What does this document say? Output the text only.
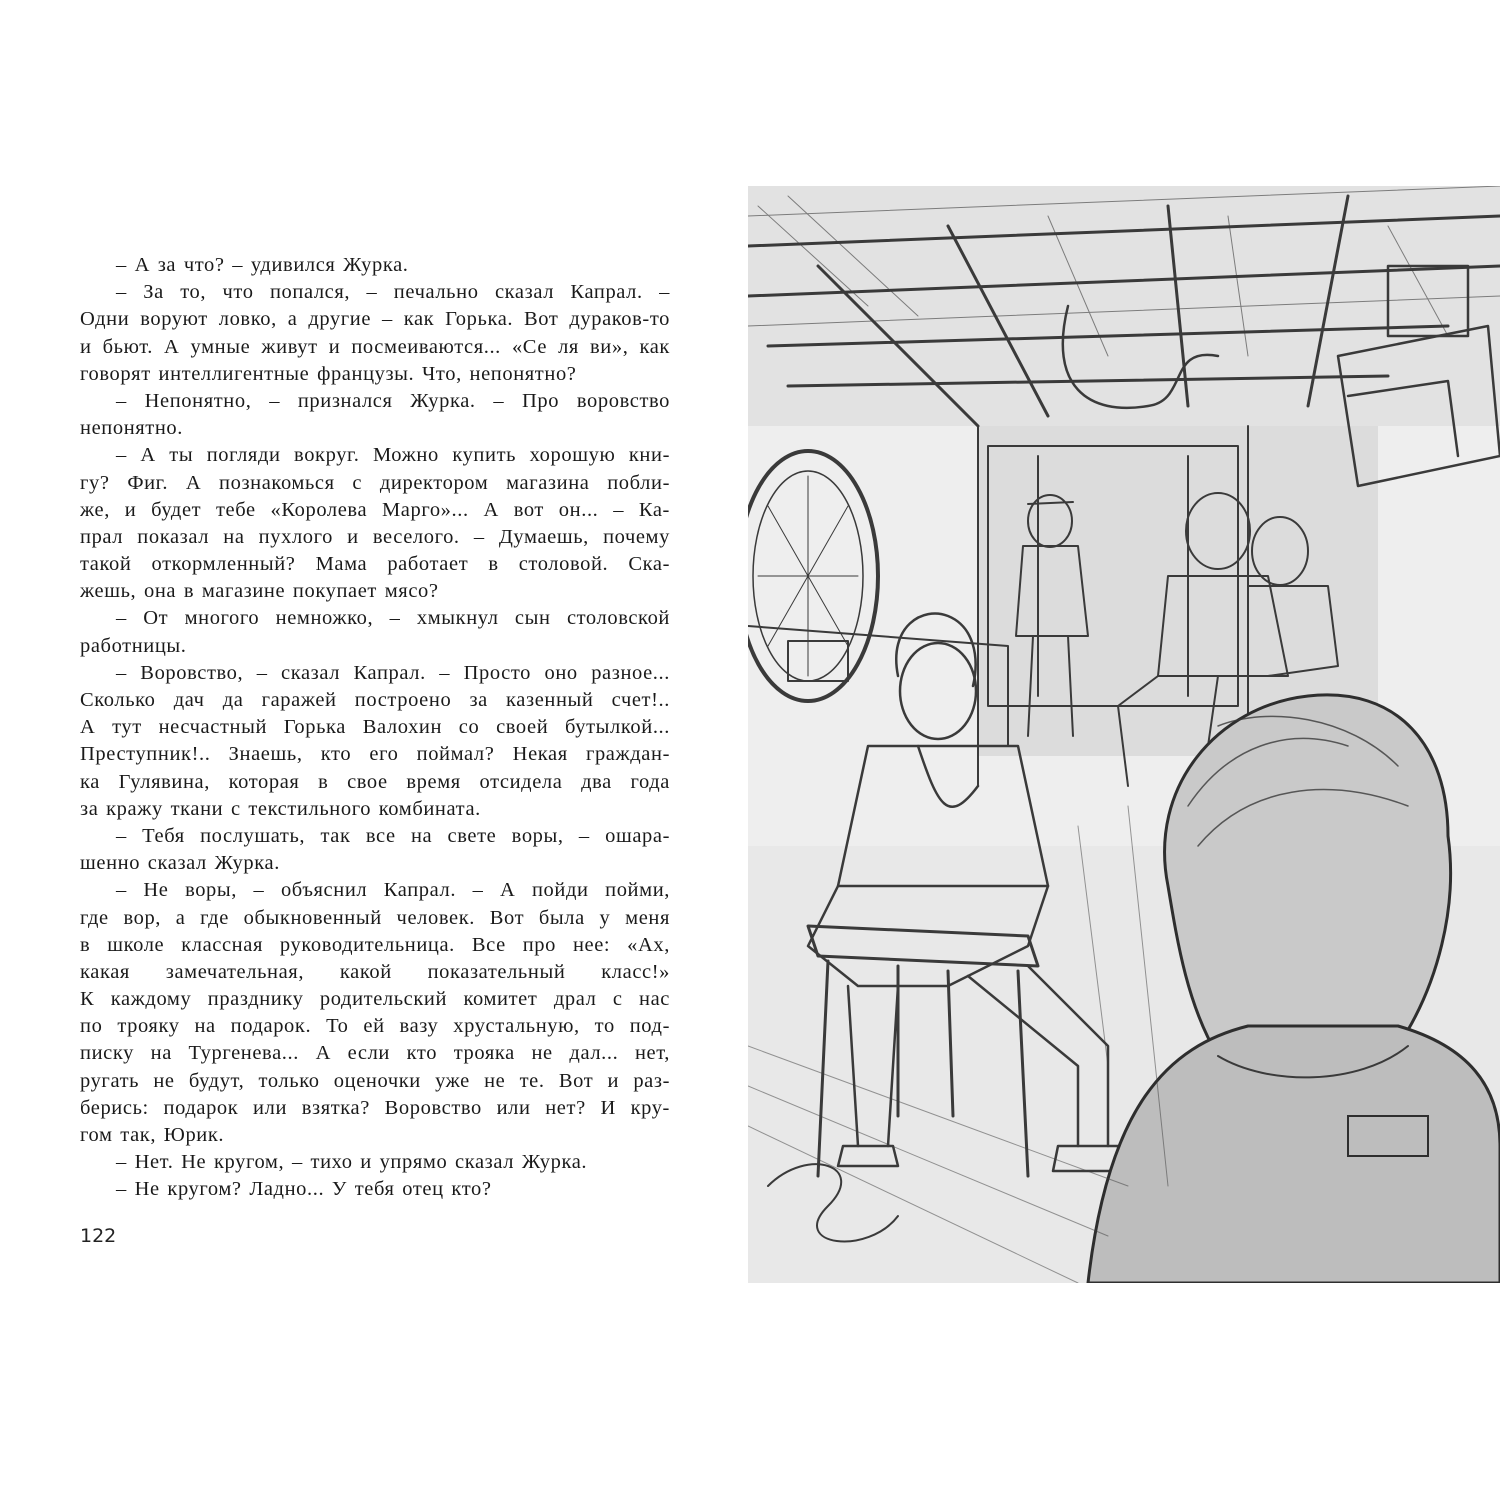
– А за что? – удивился Журка.
– За то, что попался, – печально сказал Капрал. –
Одни воруют ловко, а другие – как Горька. Вот дураков-то
и бьют. А умные живут и посмеиваются... «Се ля ви», как
говорят интеллигентные французы. Что, непонятно?
– Непонятно, – признался Журка. – Про воровство
непонятно.
– А ты погляди вокруг. Можно купить хорошую кни-
гу? Фиг. А познакомься с директором магазина побли-
же, и будет тебе «Королева Марго»... А вот он... – Ка-
прал показал на пухлого и веселого. – Думаешь, почему
такой откормленный? Мама работает в столовой. Ска-
жешь, она в магазине покупает мясо?
– От многого немножко, – хмыкнул сын столовской
работницы.
– Воровство, – сказал Капрал. – Просто оно разное...
Сколько дач да гаражей построено за казенный счет!..
А тут несчастный Горька Валохин со своей бутылкой...
Преступник!.. Знаешь, кто его поймал? Некая граждан-
ка Гулявина, которая в свое время отсидела два года
за кражу ткани с текстильного комбината.
– Тебя послушать, так все на свете воры, – ошара-
шенно сказал Журка.
– Не воры, – объяснил Капрал. – А пойди пойми,
где вор, а где обыкновенный человек. Вот была у меня
в школе классная руководительница. Все про нее: «Ах,
какая замечательная, какой показательный класс!»
К каждому празднику родительский комитет драл с нас
по трояку на подарок. То ей вазу хрустальную, то под-
писку на Тургенева... А если кто трояка не дал... нет,
ругать не будут, только оценочки уже не те. Вот и раз-
берись: подарок или взятка? Воровство или нет? И кру-
гом так, Юрик.
– Нет. Не кругом, – тихо и упрямо сказал Журка.
– Не кругом? Ладно... У тебя отец кто?
122
